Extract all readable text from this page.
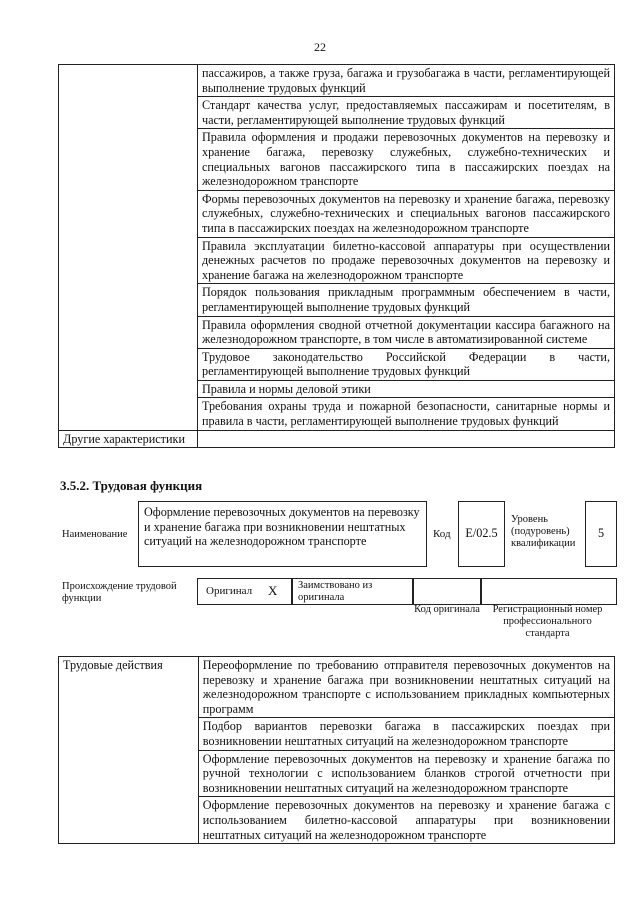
22
	пассажиров, а также груза, багажа и грузобагажа в части, регламентирующей выполнение трудовых функций
	Стандарт качества услуг, предоставляемых пассажирам и посетителям, в части, регламентирующей выполнение трудовых функций
	Правила оформления и продажи перевозочных документов на перевозку и хранение багажа, перевозку служебных, служебно-технических и специальных вагонов пассажирского типа в пассажирских поездах на железнодорожном транспорте
	Формы перевозочных документов на перевозку и хранение багажа, перевозку служебных, служебно-технических и специальных вагонов пассажирского типа в пассажирских поездах на железнодорожном транспорте
	Правила эксплуатации билетно-кассовой аппаратуры при осуществлении денежных расчетов по продаже перевозочных документов на перевозку и хранение багажа на железнодорожном транспорте
	Порядок пользования прикладным программным обеспечением в части, регламентирующей выполнение трудовых функций
	Правила оформления сводной отчетной документации кассира багажного на железнодорожном транспорте, в том числе в автоматизированной системе
	Трудовое законодательство Российской Федерации в части, регламентирующей выполнение трудовых функций
	Правила и нормы деловой этики
	Требования охраны труда и пожарной безопасности, санитарные нормы и правила в части, регламентирующей выполнение трудовых функций
Другие характеристики	
3.5.2. Трудовая функция
Наименование
Оформление перевозочных документов на перевозку и хранение багажа при возникновении нештатных ситуаций на железнодорожном транспорте
Код	E/02.5
Уровень (подуровень) квалификации
5
Происхождение трудовой функции
Оригинал X	Заимствовано из оригинала
Код оригинала	Регистрационный номер профессионального стандарта
Трудовые действия	Переоформление по требованию отправителя перевозочных документов на перевозку и хранение багажа при возникновении нештатных ситуаций на железнодорожном транспорте с использованием прикладных компьютерных программ
Подбор вариантов перевозки багажа в пассажирских поездах при возникновении нештатных ситуаций на железнодорожном транспорте
Оформление перевозочных документов на перевозку и хранение багажа по ручной технологии с использованием бланков строгой отчетности при возникновении нештатных ситуаций на железнодорожном транспорте
Оформление перевозочных документов на перевозку и хранение багажа с использованием билетно-кассовой аппаратуры при возникновении нештатных ситуаций на железнодорожном транспорте
